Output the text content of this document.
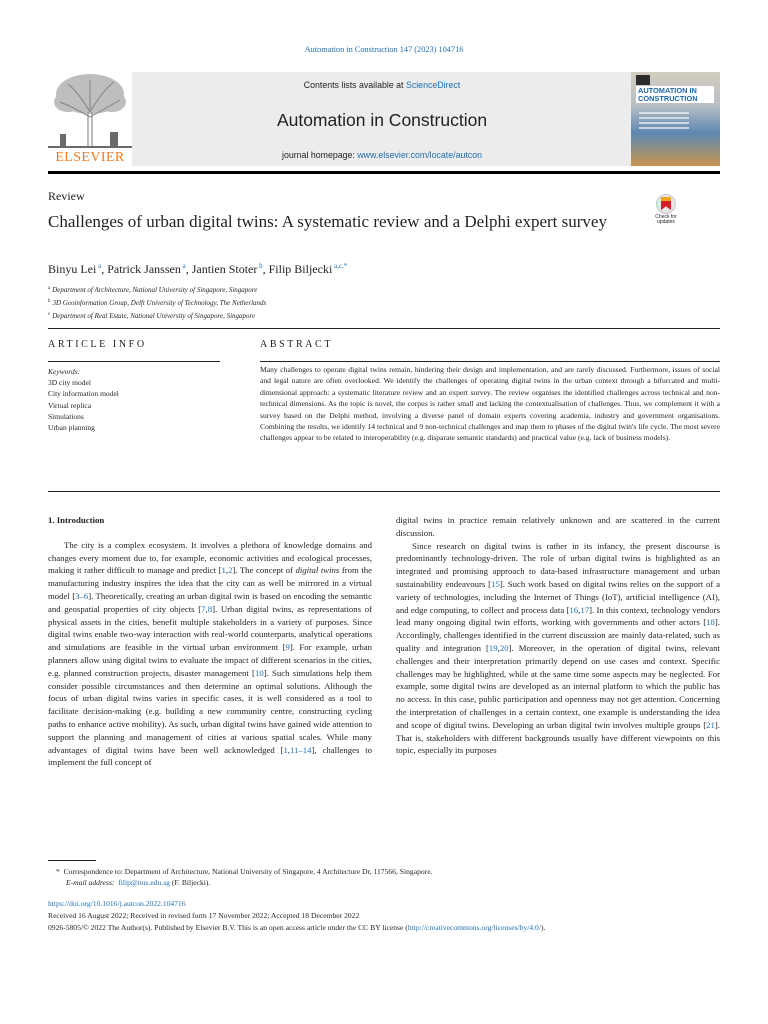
Automation in Construction 147 (2023) 104716
ELSEVIER
Contents lists available at ScienceDirect
Automation in Construction
journal homepage: www.elsevier.com/locate/autcon
AUTOMATION IN CONSTRUCTION
Review
Challenges of urban digital twins: A systematic review and a Delphi expert survey	Check for updates
Binyu Lei $^a$, Patrick Janssen $^a$, Jantien Stoter $^b$, Filip Biljecki $^{a,c,*}$
$^a$ Department of Architecture, National University of Singapore, Singapore
$^b$ 3D Geoinformation Group, Delft University of Technology, The Netherlands
$^c$ Department of Real Estate, National University of Singapore, Singapore
ARTICLE INFO	ABSTRACT
Keywords:
3D city model
City information model
Virtual replica
Simulations
Urban planning
Many challenges to operate digital twins remain, hindering their design and implementation, and are rarely discussed. Furthermore, issues of social and legal nature are often overlooked. We identify the challenges of operating digital twins in the urban context through a bifurcated and multi-dimensional approach: a systematic literature review and an expert survey. The review organises the identified challenges across technical and non-technical dimensions. As the topic is novel, the corpus is rather small and lacking the contextualisation of challenges. Thus, we complement it with a survey based on the Delphi method, involving a diverse panel of domain experts covering academia, industry and government organisations. Combining the results, we identify 14 technical and 9 non-technical challenges and map them to phases of the digital twin's life cycle. The most severe challenges appear to be related to interoperability (e.g. disparate semantic standards) and practical value (e.g. lack of business models).
1. Introduction
The city is a complex ecosystem. It involves a plethora of knowledge domains and changes every moment due to, for example, economic activities and ecological processes, making it rather difficult to manage and predict [1,2]. The concept of digital twins from the manufacturing industry inspires the idea that the city can as well be mirrored in a virtual model [3–6]. Theoretically, creating an urban digital twin is based on encoding the semantic and geospatial properties of city objects [7,8]. Urban digital twins, as representations of physical assets in the cities, benefit multiple stakeholders in a variety of purposes. Since digital twins enable two-way interaction with real-world counterparts, analytical operations and simulations are feasible in the virtual urban environment [9]. For example, urban planners allow using digital twins to evaluate the impact of different scenarios in the cities, e.g. planned construction projects, disaster management [10]. Such simulations help them consider possible circumstances and then determine an optimal solutions. Although the focus of urban digital twins varies in specific cases, it is well considered as a tool to facilitate decision-making (e.g. building a new community centre, constructing cycling paths to enhance active mobility). As such, urban digital twins have gained wide attention to support the planning and management of cities at various spatial scales. While many advantages of digital twins have been well acknowledged [1,11–14], challenges to implement the full concept of
digital twins in practice remain relatively unknown and are scattered in the current discussion.
Since research on digital twins is rather in its infancy, the present discourse is predominantly technology-driven. The role of urban digital twins is highlighted as an integrated and promising approach to data-based infrastructure management and urban sustainability endeavours [15]. Such work based on digital twins relies on the support of a variety of technologies, including the Internet of Things (IoT), artificial intelligence (AI), and edge computing, to collect and process data [16,17]. In this context, technology vendors lead many ongoing digital twin efforts, working with governments and other actors [18]. Accordingly, challenges identified in the current discussion are mainly data-related, such as quality and integration [19,20]. Moreover, in the operation of digital twins, relevant challenges and their interpretation primarily depend on use cases and context. Specific challenges may be highlighted, while at the same time some aspects may be neglected. For example, some digital twins are developed as an internal platform to which the public has no access. In this case, public participation and openness may not get attention. Concerning the interpretation of challenges in a certain context, one example is understanding the idea and scope of digital twins. Developing an urban digital twin involves multiple groups [21]. That is, stakeholders with different backgrounds usually have different viewpoints on this topic, especially its purposes
* Correspondence to: Department of Architecture, National University of Singapore, 4 Architecture Dr, 117566, Singapore.
E-mail address: filip@nus.edu.sg (F. Biljecki).
https://doi.org/10.1016/j.autcon.2022.104716
Received 16 August 2022; Received in revised form 17 November 2022; Accepted 18 December 2022
0926-5805/© 2022 The Author(s). Published by Elsevier B.V. This is an open access article under the CC BY license (http://creativecommons.org/licenses/by/4.0/).
